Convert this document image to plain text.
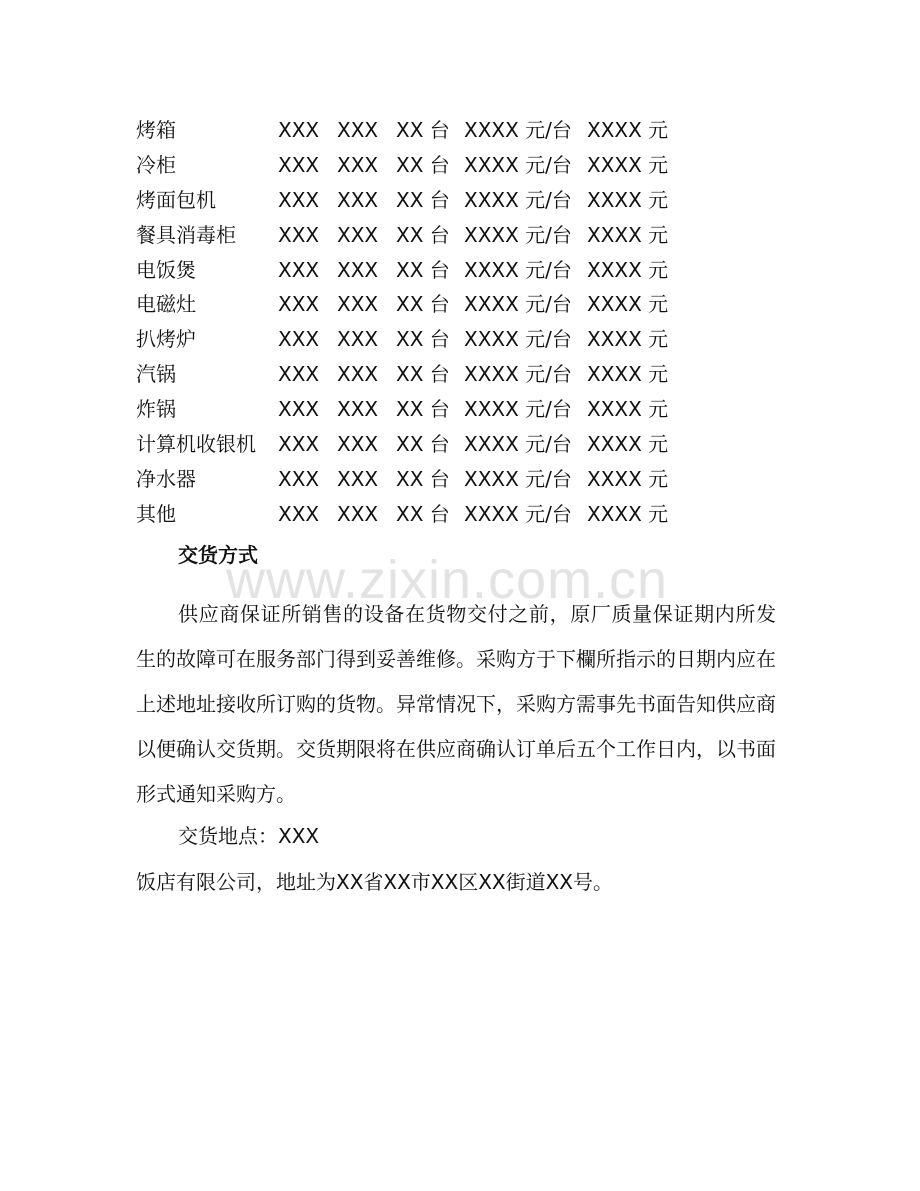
www.zixin.com.cn
烤箱	XXX XXX XX 台 XXXX 元/台 XXXX 元
冷柜	XXX XXX XX 台 XXXX 元/台 XXXX 元
烤面包机	XXX XXX XX 台 XXXX 元/台 XXXX 元
餐具消毒柜 XXX XXX XX 台 XXXX 元/台 XXXX 元
电饭煲	XXX XXX XX 台 XXXX 元/台 XXXX 元
电磁灶	XXX XXX XX 台 XXXX 元/台 XXXX 元
扒烤炉	XXX XXX XX 台 XXXX 元/台 XXXX 元
汽锅	XXX XXX XX 台 XXXX 元/台 XXXX 元
炸锅	XXX XXX XX 台 XXXX 元/台 XXXX 元
计算机收银机 XXX XXX XX 台 XXXX 元/台 XXXX 元
净水器	XXX XXX XX 台 XXXX 元/台 XXXX 元
其他	XXX XXX XX 台 XXXX 元/台 XXXX 元
交货方式

供应商保证所销售的设备在货物交付之前，原厂质量保证期内所发生的故障可在服务部门得到妥善维修。采购方于下欄所指示的日期内应在上述地址接收所订购的货物。异常情况下，采购方需事先书面告知供应商以便确认交货期。交货期限将在供应商确认订单后五个工作日内，以书面形式通知采购方。

交货地点：XXX
饭店有限公司，地址为XX省XX市XX区XX街道XX号。
